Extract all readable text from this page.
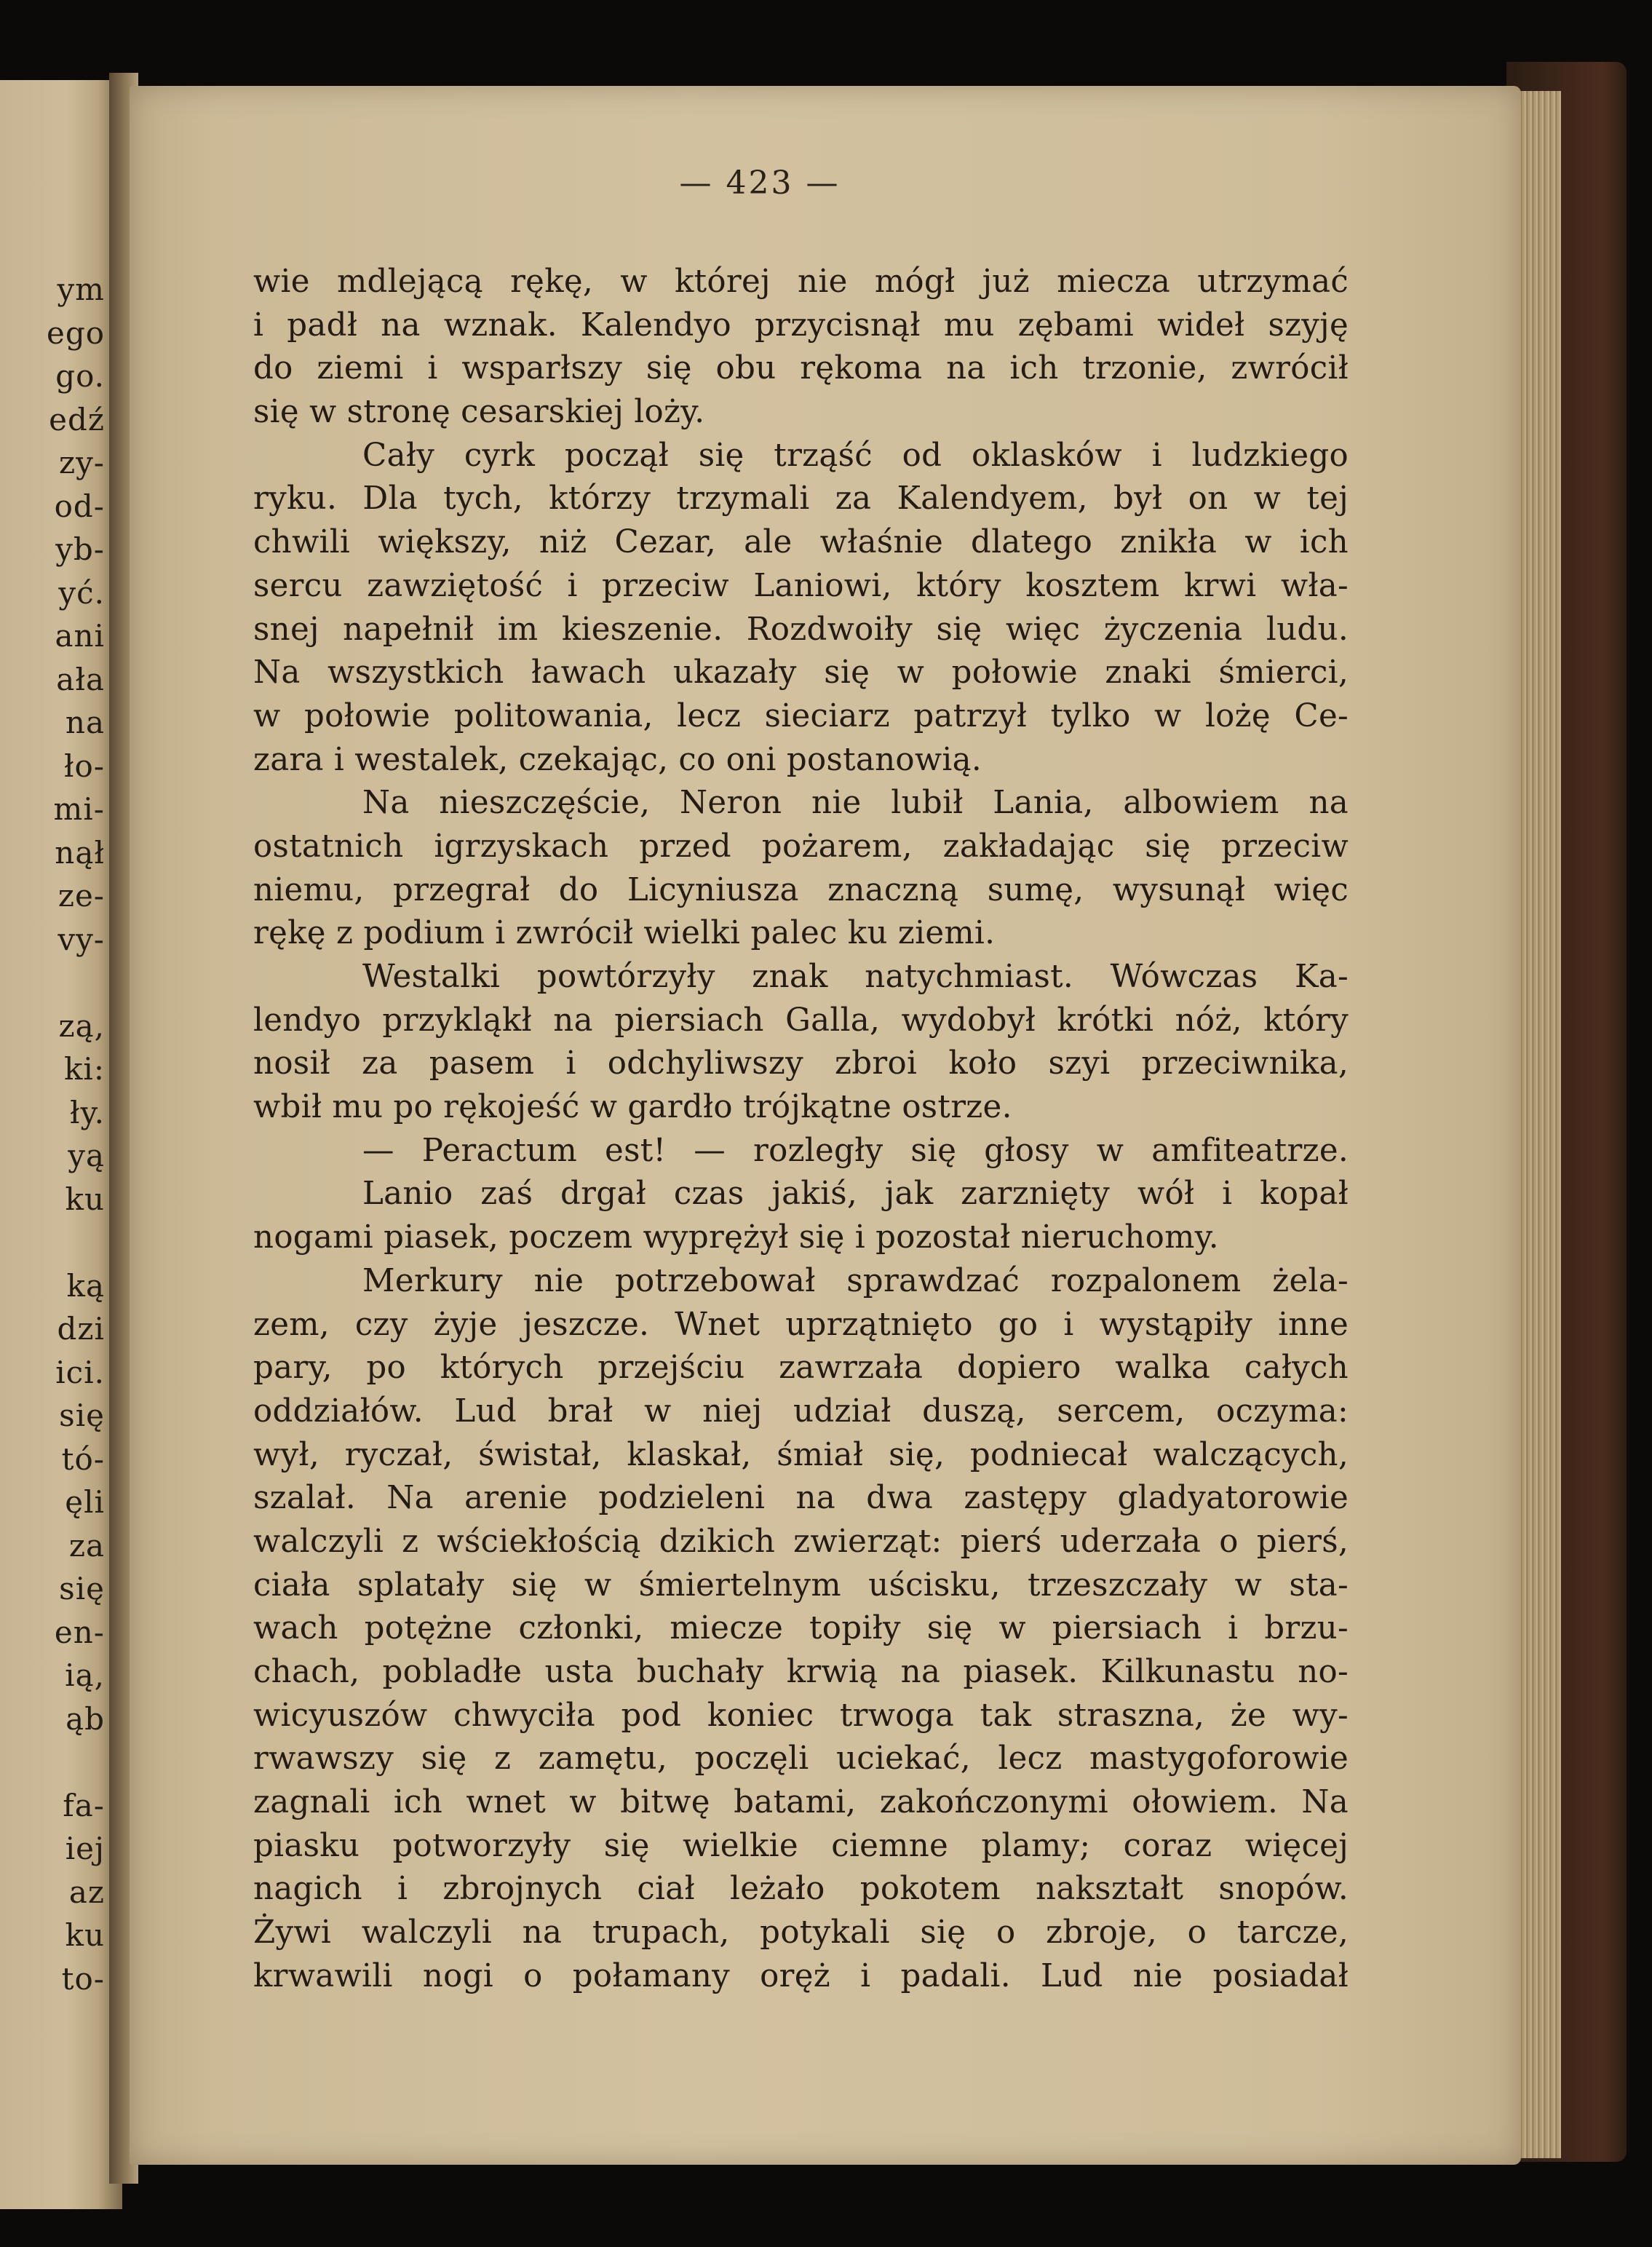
ym
ego
go.
edź
zy-
od-
yb-
yć.
ani
ała
na
ło-
mi-
nął
ze-
vy-
zą,
ki:
ły.
yą
ku
ką
dzi
ici.
się
tó-
ęli
za
się
en-
ią,
ąb
fa-
iej
az
ku
to-
— 423 —
wie mdlejącą rękę, w której nie mógł już miecza utrzymać
i padł na wznak. Kalendyo przycisnął mu zębami wideł szyję
do ziemi i wsparłszy się obu rękoma na ich trzonie, zwrócił
się w stronę cesarskiej loży.
Cały cyrk począł się trząść od oklasków i ludzkiego
ryku. Dla tych, którzy trzymali za Kalendyem, był on w tej
chwili większy, niż Cezar, ale właśnie dlatego znikła w ich
sercu zawziętość i przeciw Laniowi, który kosztem krwi wła-
snej napełnił im kieszenie. Rozdwoiły się więc życzenia ludu.
Na wszystkich ławach ukazały się w połowie znaki śmierci,
w połowie politowania, lecz sieciarz patrzył tylko w lożę Ce-
zara i westalek, czekając, co oni postanowią.
Na nieszczęście, Neron nie lubił Lania, albowiem na
ostatnich igrzyskach przed pożarem, zakładając się przeciw
niemu, przegrał do Licyniusza znaczną sumę, wysunął więc
rękę z podium i zwrócił wielki palec ku ziemi.
Westalki powtórzyły znak natychmiast. Wówczas Ka-
lendyo przykląkł na piersiach Galla, wydobył krótki nóż, który
nosił za pasem i odchyliwszy zbroi koło szyi przeciwnika,
wbił mu po rękojeść w gardło trójkątne ostrze.
— Peractum est! — rozległy się głosy w amfiteatrze.
Lanio zaś drgał czas jakiś, jak zarznięty wół i kopał
nogami piasek, poczem wyprężył się i pozostał nieruchomy.
Merkury nie potrzebował sprawdzać rozpalonem żela-
zem, czy żyje jeszcze. Wnet uprzątnięto go i wystąpiły inne
pary, po których przejściu zawrzała dopiero walka całych
oddziałów. Lud brał w niej udział duszą, sercem, oczyma:
wył, ryczał, świstał, klaskał, śmiał się, podniecał walczących,
szalał. Na arenie podzieleni na dwa zastępy gladyatorowie
walczyli z wściekłością dzikich zwierząt: pierś uderzała o pierś,
ciała splatały się w śmiertelnym uścisku, trzeszczały w sta-
wach potężne członki, miecze topiły się w piersiach i brzu-
chach, pobladłe usta buchały krwią na piasek. Kilkunastu no-
wicyuszów chwyciła pod koniec trwoga tak straszna, że wy-
rwawszy się z zamętu, poczęli uciekać, lecz mastygoforowie
zagnali ich wnet w bitwę batami, zakończonymi ołowiem. Na
piasku potworzyły się wielkie ciemne plamy; coraz więcej
nagich i zbrojnych ciał leżało pokotem nakształt snopów.
Żywi walczyli na trupach, potykali się o zbroje, o tarcze,
krwawili nogi o połamany oręż i padali. Lud nie posiadał
